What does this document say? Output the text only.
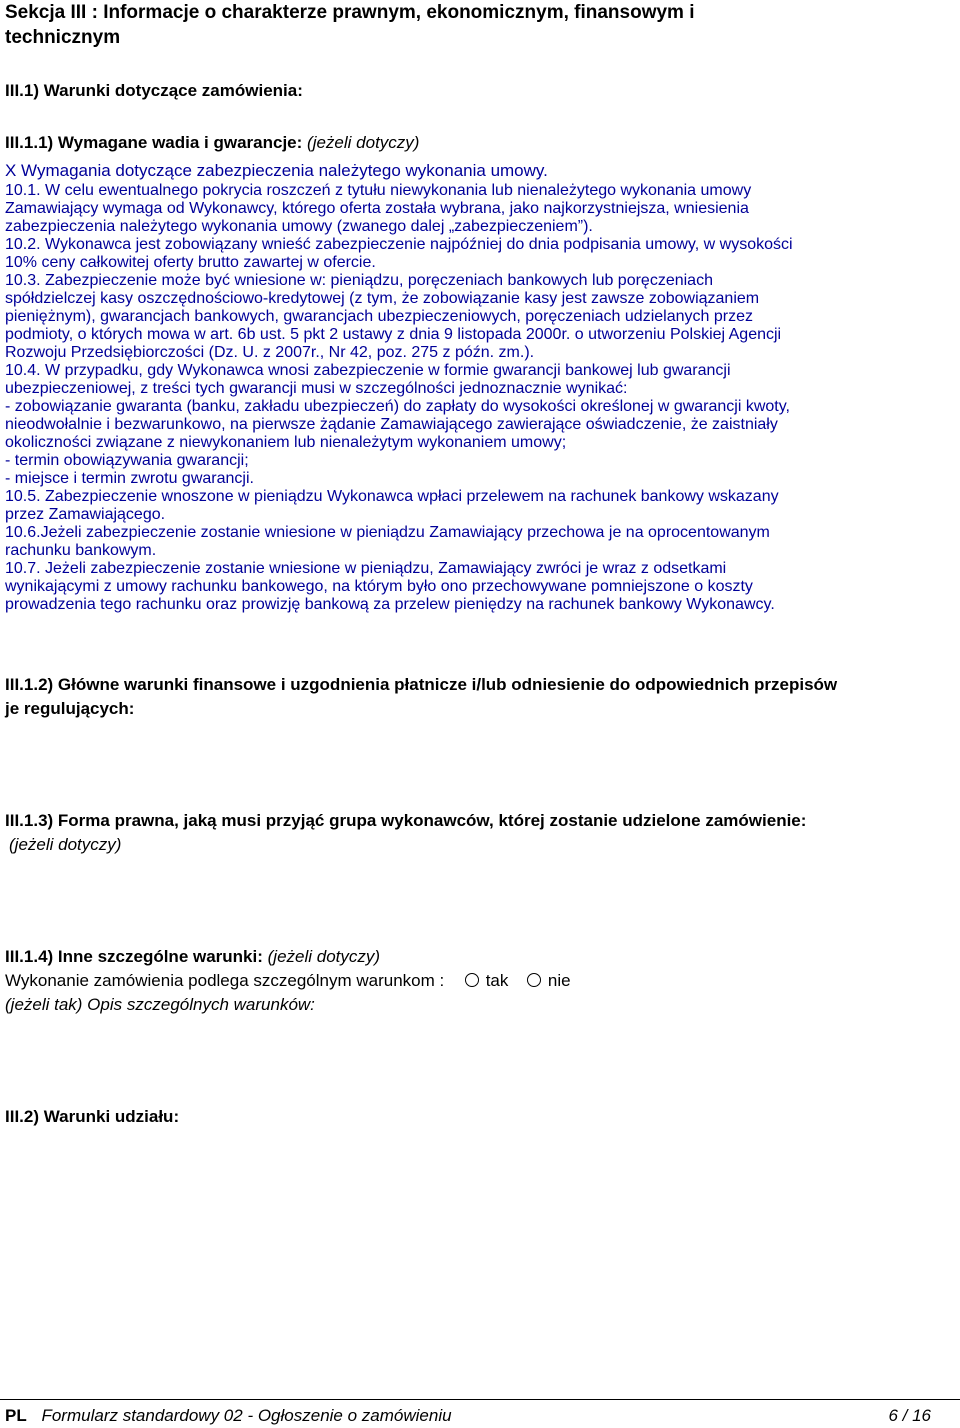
Sekcja III : Informacje o charakterze prawnym, ekonomicznym, finansowym i
technicznym
III.1) Warunki dotyczące zamówienia:
III.1.1) Wymagane wadia i gwarancje: (jeżeli dotyczy)
X Wymagania dotyczące zabezpieczenia należytego wykonania umowy.
10.1. W celu ewentualnego pokrycia roszczeń z tytułu niewykonania lub nienależytego wykonania umowy
Zamawiający wymaga od Wykonawcy, którego oferta została wybrana, jako najkorzystniejsza, wniesienia
zabezpieczenia należytego wykonania umowy (zwanego dalej „zabezpieczeniem”).
10.2. Wykonawca jest zobowiązany wnieść zabezpieczenie najpóźniej do dnia podpisania umowy, w wysokości
10% ceny całkowitej oferty brutto zawartej w ofercie.
10.3. Zabezpieczenie może być wniesione w: pieniądzu, poręczeniach bankowych lub poręczeniach
spółdzielczej kasy oszczędnościowo-kredytowej (z tym, że zobowiązanie kasy jest zawsze zobowiązaniem
pieniężnym), gwarancjach bankowych, gwarancjach ubezpieczeniowych, poręczeniach udzielanych przez
podmioty, o których mowa w art. 6b ust. 5 pkt 2 ustawy z dnia 9 listopada 2000r. o utworzeniu Polskiej Agencji
Rozwoju Przedsiębiorczości (Dz. U. z 2007r., Nr 42, poz. 275 z późn. zm.).
10.4. W przypadku, gdy Wykonawca wnosi zabezpieczenie w formie gwarancji bankowej lub gwarancji
ubezpieczeniowej, z treści tych gwarancji musi w szczególności jednoznacznie wynikać:
- zobowiązanie gwaranta (banku, zakładu ubezpieczeń) do zapłaty do wysokości określonej w gwarancji kwoty,
nieodwołalnie i bezwarunkowo, na pierwsze żądanie Zamawiającego zawierające oświadczenie, że zaistniały
okoliczności związane z niewykonaniem lub nienależytym wykonaniem umowy;
- termin obowiązywania gwarancji;
- miejsce i termin zwrotu gwarancji.
10.5. Zabezpieczenie wnoszone w pieniądzu Wykonawca wpłaci przelewem na rachunek bankowy wskazany
przez Zamawiającego.
10.6.Jeżeli zabezpieczenie zostanie wniesione w pieniądzu Zamawiający przechowa je na oprocentowanym
rachunku bankowym.
10.7. Jeżeli zabezpieczenie zostanie wniesione w pieniądzu, Zamawiający zwróci je wraz z odsetkami
wynikającymi z umowy rachunku bankowego, na którym było ono przechowywane pomniejszone o koszty
prowadzenia tego rachunku oraz prowizję bankową za przelew pieniędzy na rachunek bankowy Wykonawcy.
III.1.2) Główne warunki finansowe i uzgodnienia płatnicze i/lub odniesienie do odpowiednich przepisów
je regulujących:
III.1.3) Forma prawna, jaką musi przyjąć grupa wykonawców, której zostanie udzielone zamówienie:
(jeżeli dotyczy)
III.1.4) Inne szczególne warunki: (jeżeli dotyczy)
Wykonanie zamówienia podlega szczególnym warunkom : tak nie
(jeżeli tak) Opis szczególnych warunków:
III.2) Warunki udziału:
PL Formularz standardowy 02 - Ogłoszenie o zamówieniu	6 / 16
